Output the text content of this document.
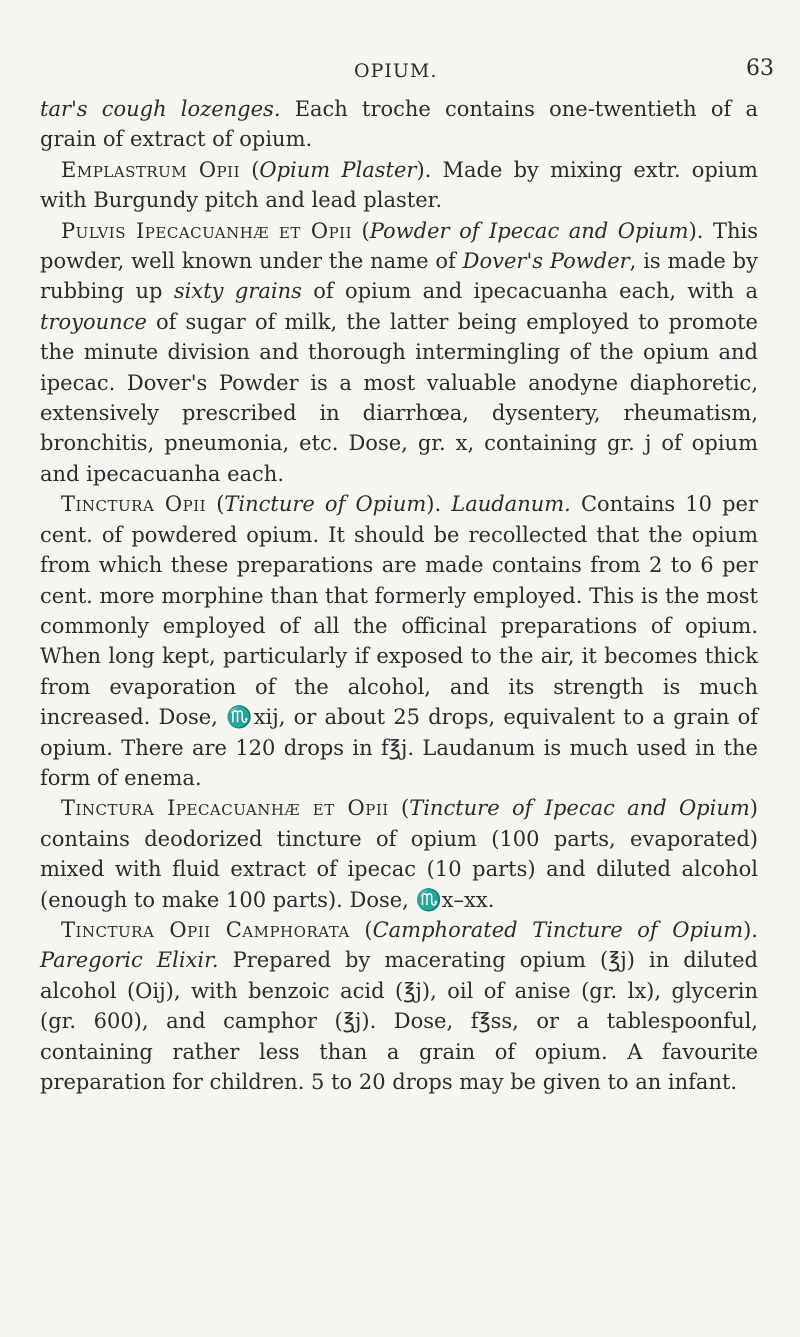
OPIUM.	63

tar's cough lozenges. Each troche contains one-twentieth of a grain of extract of opium.

 Emplastrum Opii (Opium Plaster). Made by mixing extr. opium with Burgundy pitch and lead plaster.

 Pulvis Ipecacuanhæ et Opii (Powder of Ipecac and Opium). This powder, well known under the name of Dover's Powder, is made by rubbing up sixty grains of opium and ipecacuanha each, with a troyounce of sugar of milk, the latter being employed to promote the minute division and thorough intermingling of the opium and ipecac. Dover's Powder is a most valuable anodyne diaphoretic, extensively prescribed in diarrhœa, dysentery, rheumatism, bronchitis, pneumonia, etc. Dose, gr. x, containing gr. j of opium and ipecacuanha each.

 Tinctura Opii (Tincture of Opium). Laudanum. Contains 10 per cent. of powdered opium. It should be recollected that the opium from which these preparations are made contains from 2 to 6 per cent. more morphine than that formerly employed. This is the most commonly employed of all the officinal preparations of opium. When long kept, particularly if exposed to the air, it becomes thick from evaporation of the alcohol, and its strength is much increased. Dose, ♏xij, or about 25 drops, equivalent to a grain of opium. There are 120 drops in f℥j. Laudanum is much used in the form of enema.

 Tinctura Ipecacuanhæ et Opii (Tincture of Ipecac and Opium) contains deodorized tincture of opium (100 parts, evaporated) mixed with fluid extract of ipecac (10 parts) and diluted alcohol (enough to make 100 parts). Dose, ♏x–xx.

 Tinctura Opii Camphorata (Camphorated Tincture of Opium). Paregoric Elixir. Prepared by macerating opium (℥j) in diluted alcohol (Oij), with benzoic acid (℥j), oil of anise (gr. lx), glycerin (gr. 600), and camphor (℥j). Dose, f℥ss, or a tablespoonful, containing rather less than a grain of opium. A favourite preparation for children. 5 to 20 drops may be given to an infant.
